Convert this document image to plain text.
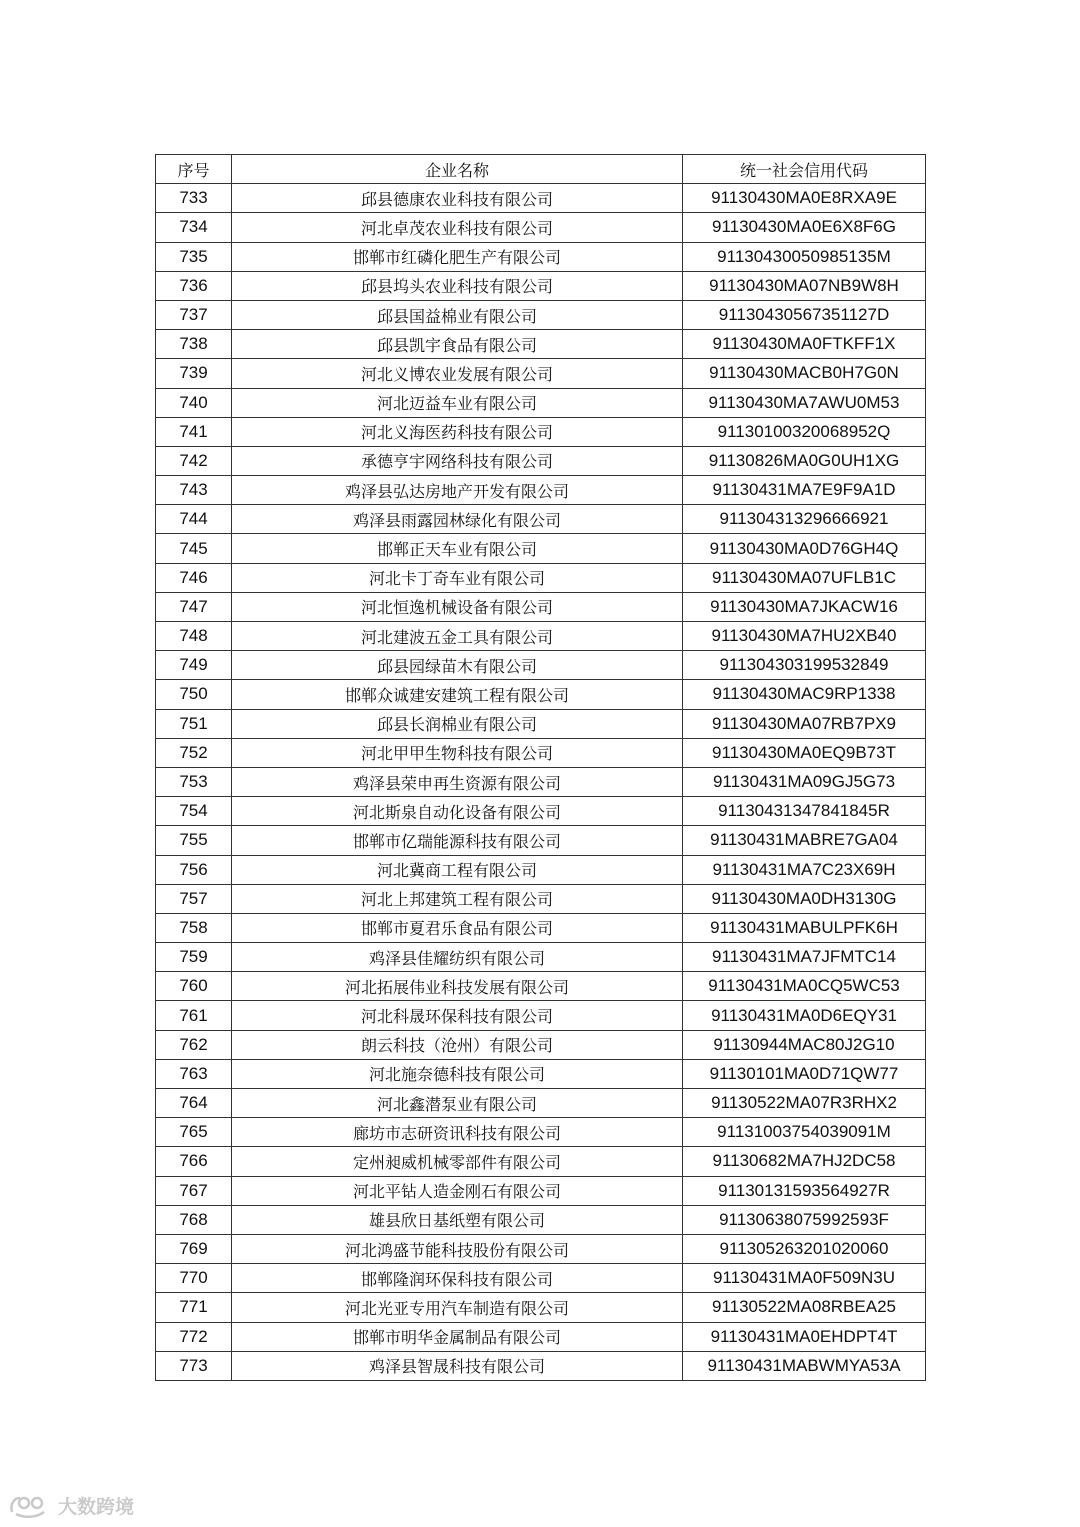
序号	企业名称	统一社会信用代码
733	邱县德康农业科技有限公司	91130430MA0E8RXA9E
734	河北卓茂农业科技有限公司	91130430MA0E6X8F6G
735	邯郸市红磷化肥生产有限公司	91130430050985135M
736	邱县坞头农业科技有限公司	91130430MA07NB9W8H
737	邱县国益棉业有限公司	91130430567351127D
738	邱县凯宇食品有限公司	91130430MA0FTKFF1X
739	河北义博农业发展有限公司	91130430MACB0H7G0N
740	河北迈益车业有限公司	91130430MA7AWU0M53
741	河北义海医药科技有限公司	91130100320068952Q
742	承德亨宇网络科技有限公司	91130826MA0G0UH1XG
743	鸡泽县弘达房地产开发有限公司	91130431MA7E9F9A1D
744	鸡泽县雨露园林绿化有限公司	911304313296666921
745	邯郸正天车业有限公司	91130430MA0D76GH4Q
746	河北卡丁奇车业有限公司	91130430MA07UFLB1C
747	河北恒逸机械设备有限公司	91130430MA7JKACW16
748	河北建波五金工具有限公司	91130430MA7HU2XB40
749	邱县园绿苗木有限公司	911304303199532849
750	邯郸众诚建安建筑工程有限公司	91130430MAC9RP1338
751	邱县长润棉业有限公司	91130430MA07RB7PX9
752	河北甲甲生物科技有限公司	91130430MA0EQ9B73T
753	鸡泽县荣申再生资源有限公司	91130431MA09GJ5G73
754	河北斯泉自动化设备有限公司	91130431347841845R
755	邯郸市亿瑞能源科技有限公司	91130431MABRE7GA04
756	河北冀商工程有限公司	91130431MA7C23X69H
757	河北上邦建筑工程有限公司	91130430MA0DH3130G
758	邯郸市夏君乐食品有限公司	91130431MABULPFK6H
759	鸡泽县佳耀纺织有限公司	91130431MA7JFMTC14
760	河北拓展伟业科技发展有限公司	91130431MA0CQ5WC53
761	河北科晟环保科技有限公司	91130431MA0D6EQY31
762	朗云科技（沧州）有限公司	91130944MAC80J2G10
763	河北施奈德科技有限公司	91130101MA0D71QW77
764	河北鑫潜泵业有限公司	91130522MA07R3RHX2
765	廊坊市志研资讯科技有限公司	91131003754039091M
766	定州昶威机械零部件有限公司	91130682MA7HJ2DC58
767	河北平钻人造金刚石有限公司	91130131593564927R
768	雄县欣日基纸塑有限公司	91130638075992593F
769	河北鸿盛节能科技股份有限公司	911305263201020060
770	邯郸隆润环保科技有限公司	91130431MA0F509N3U
771	河北光亚专用汽车制造有限公司	91130522MA08RBEA25
772	邯郸市明华金属制品有限公司	91130431MA0EHDPT4T
773	鸡泽县智晟科技有限公司	91130431MABWMYA53A
大数跨境
